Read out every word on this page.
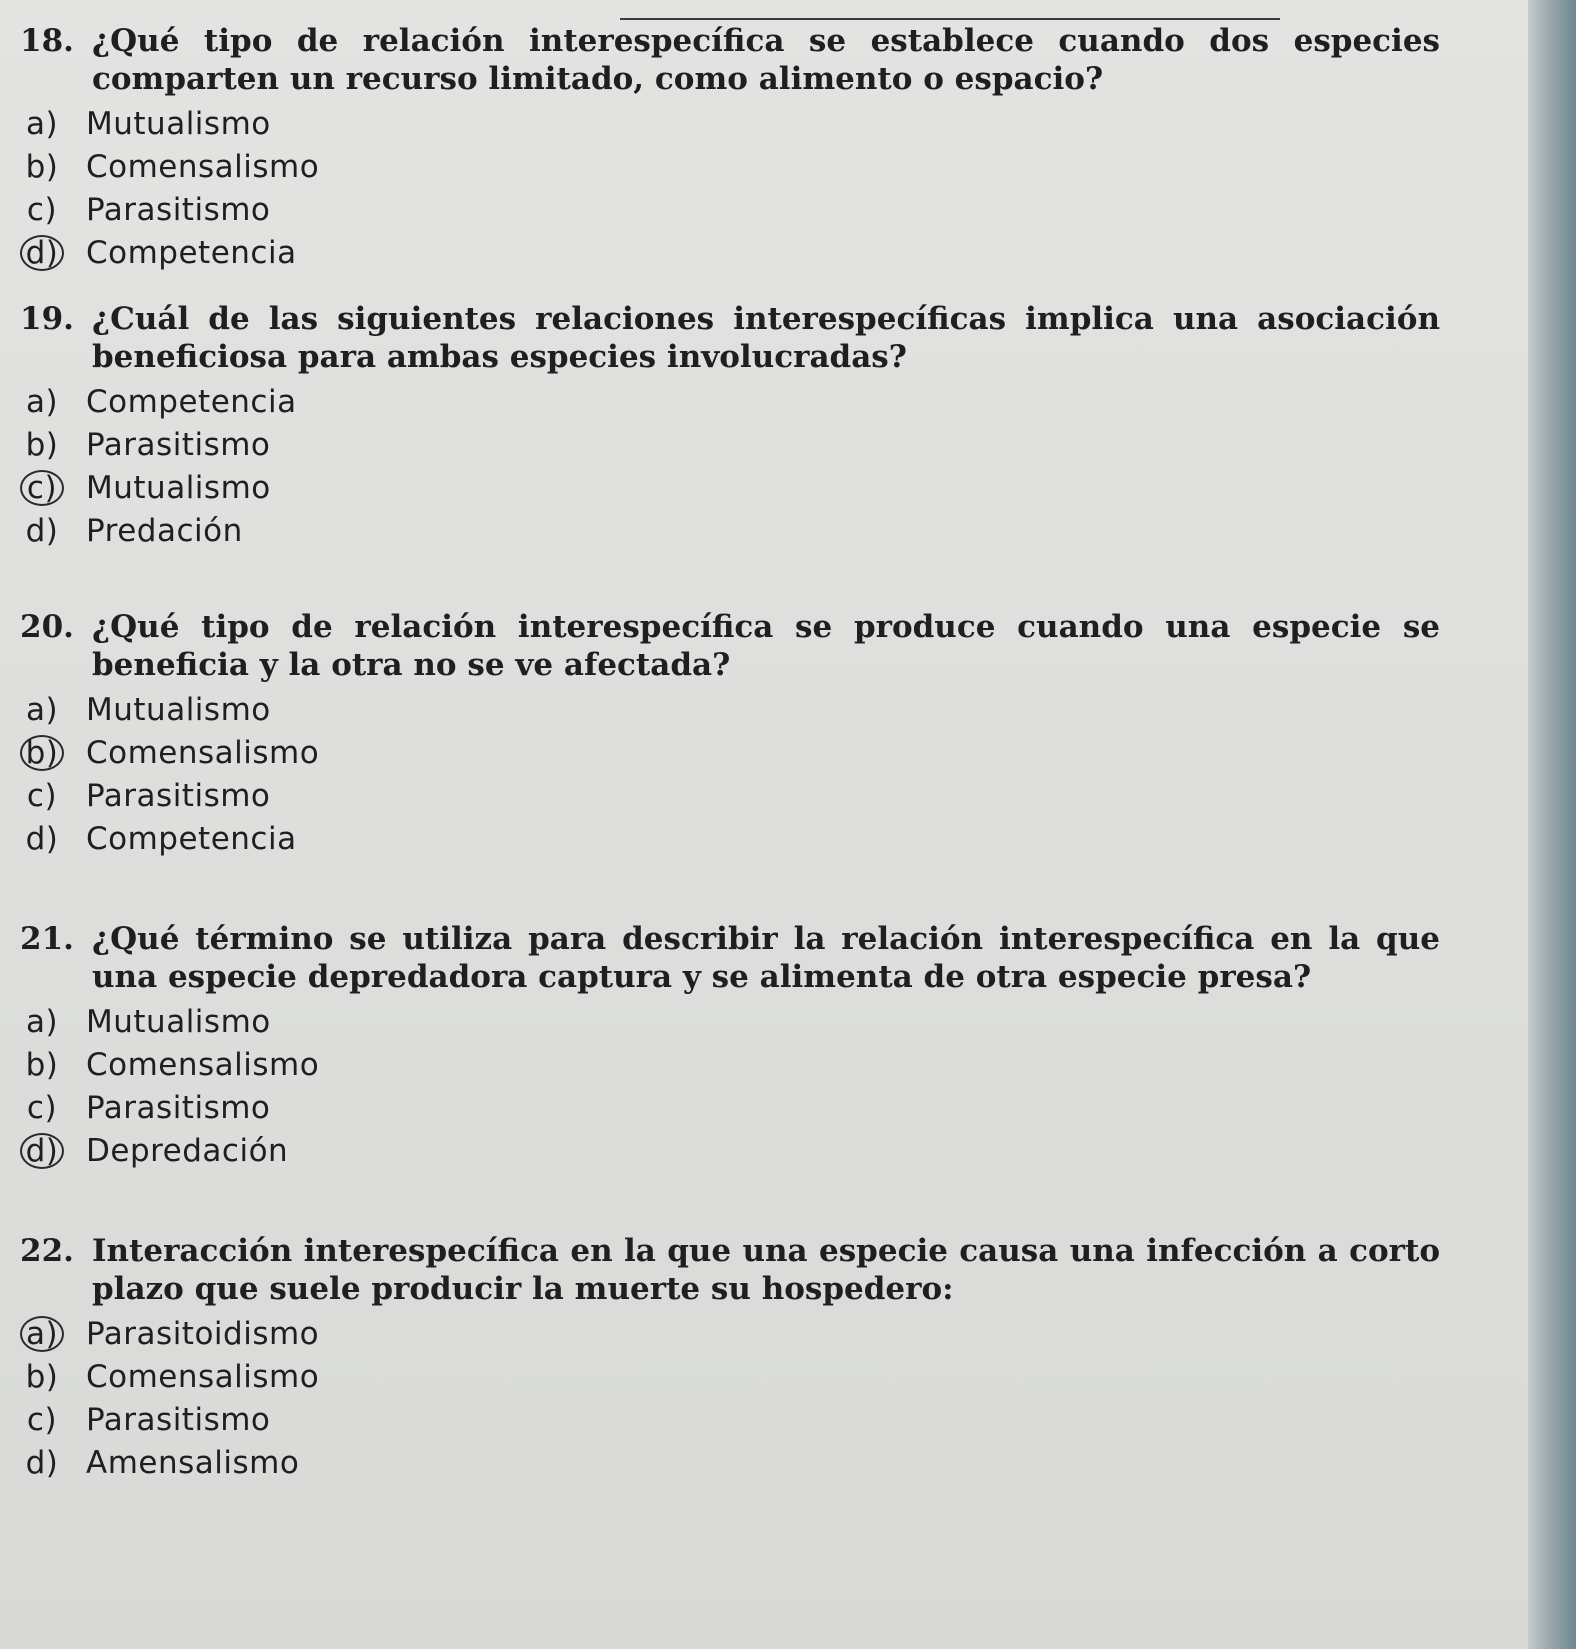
18. ¿Qué tipo de relación interespecífica se establece cuando dos especies comparten un recurso limitado, como alimento o espacio?
a) Mutualismo
b) Comensalismo
c) Parasitismo
d) Competencia
19. ¿Cuál de las siguientes relaciones interespecíficas implica una asociación beneficiosa para ambas especies involucradas?
a) Competencia
b) Parasitismo
c) Mutualismo
d) Predación
20. ¿Qué tipo de relación interespecífica se produce cuando una especie se beneficia y la otra no se ve afectada?
a) Mutualismo
b) Comensalismo
c) Parasitismo
d) Competencia
21. ¿Qué término se utiliza para describir la relación interespecífica en la que una especie depredadora captura y se alimenta de otra especie presa?
a) Mutualismo
b) Comensalismo
c) Parasitismo
d) Depredación
22. Interacción interespecífica en la que una especie causa una infección a corto plazo que suele producir la muerte su hospedero:
a) Parasitoidismo
b) Comensalismo
c) Parasitismo
d) Amensalismo
